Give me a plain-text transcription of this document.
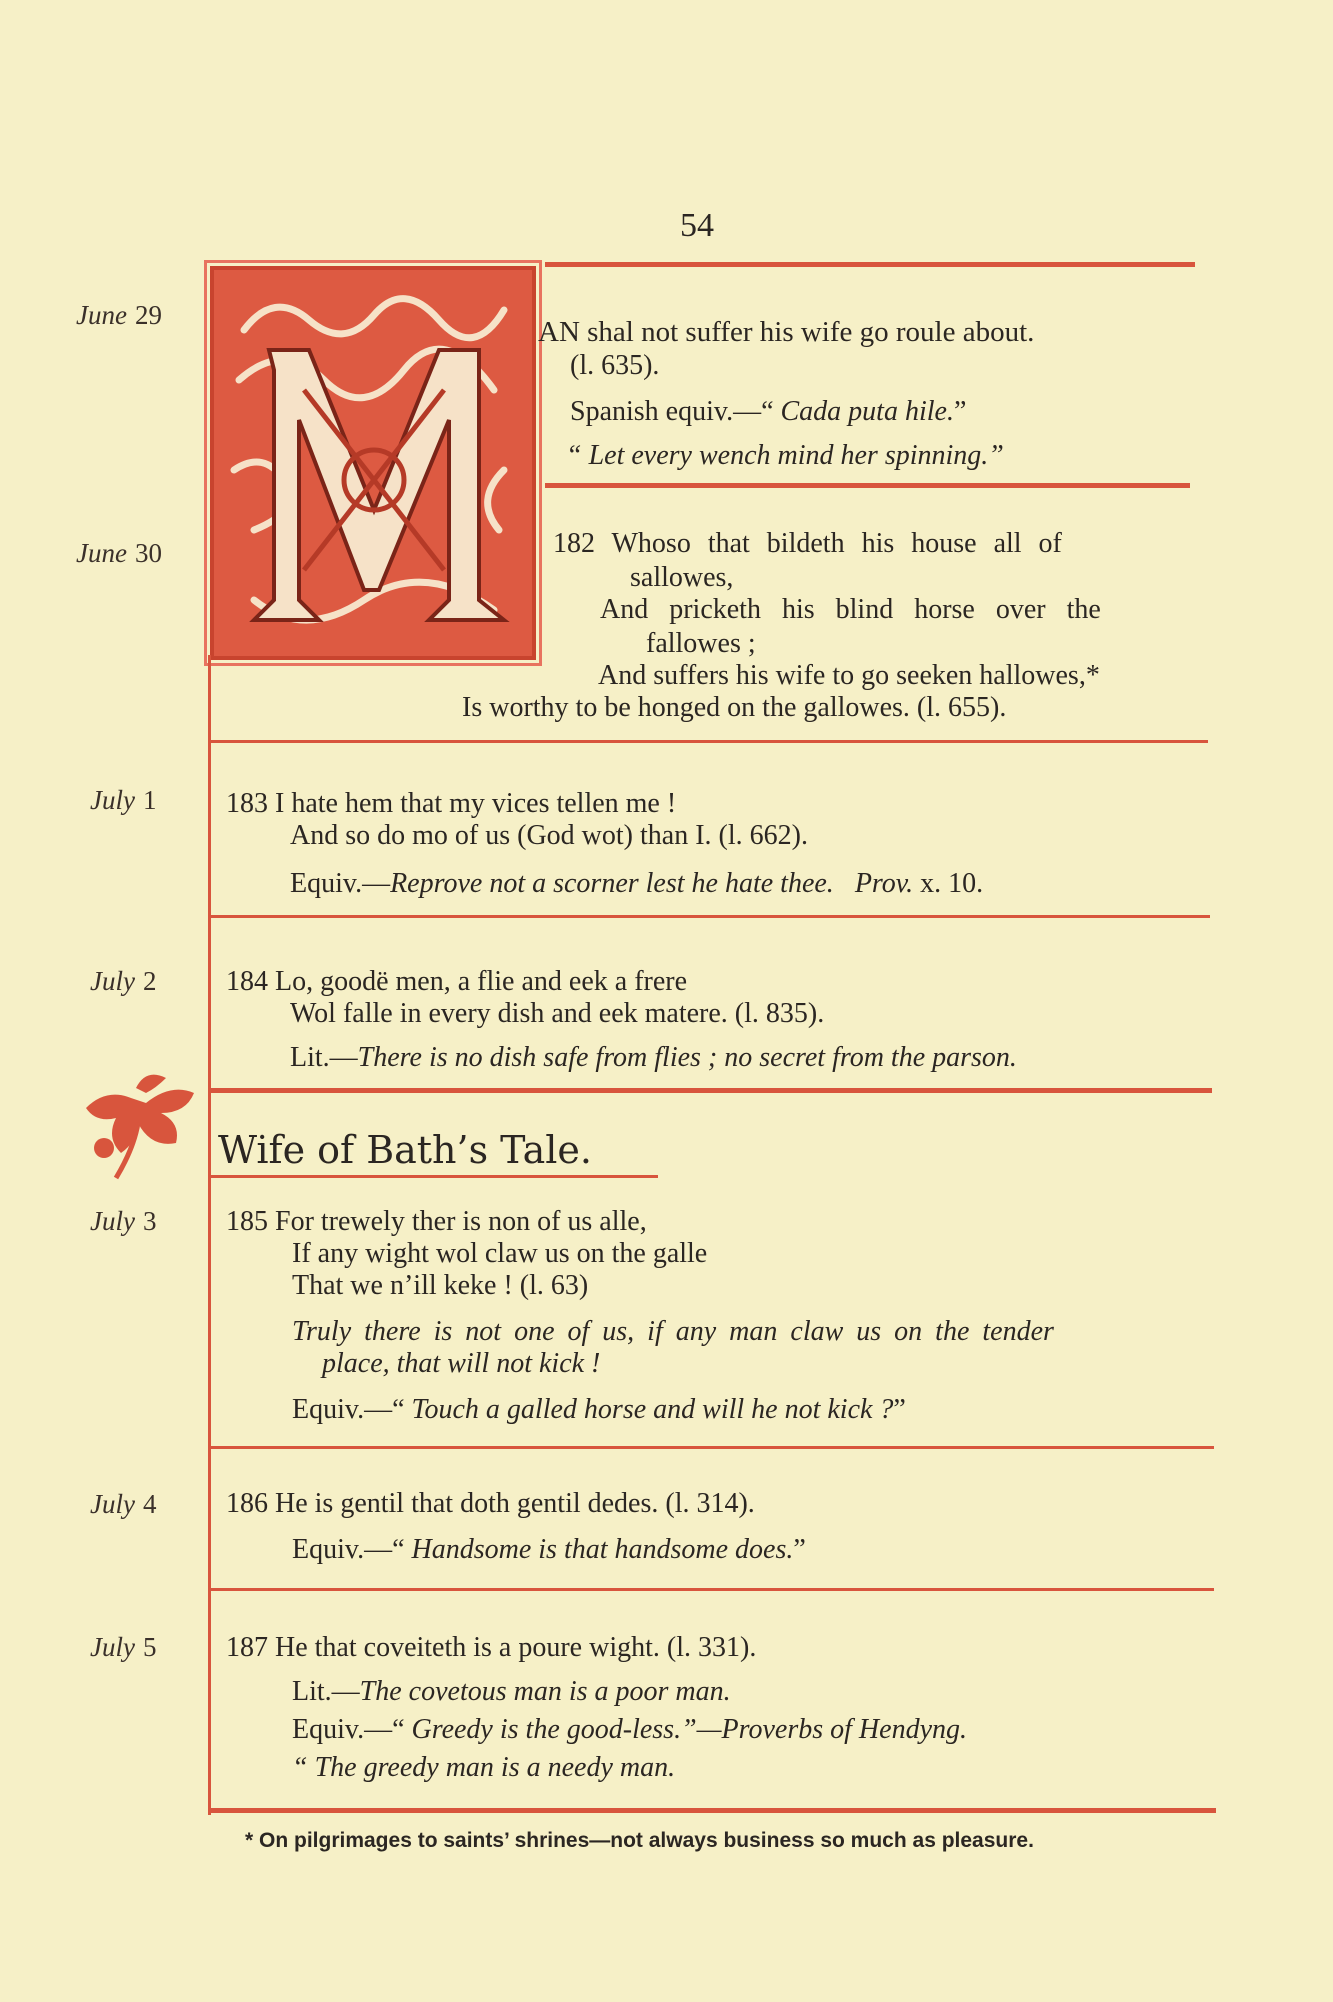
54
June 29
June 30
July 1
July 2
July 3
July 4
July 5
AN shal not suffer his wife go roule about.
(l. 635).
Spanish equiv.—“ Cada puta hile.”
“ Let every wench mind her spinning.”
182 Whoso that bildeth his house all of
sallowes,
And pricketh his blind horse over the
fallowes ;
And suffers his wife to go seeken hallowes,*
Is worthy to be honged on the gallowes. (l. 655).
183 I hate hem that my vices tellen me !
And so do mo of us (God wot) than I. (l. 662).
Equiv.—Reprove not a scorner lest he hate thee. Prov. x. 10.
184 Lo, goodë men, a flie and eek a frere
Wol falle in every dish and eek matere. (l. 835).
Lit.—There is no dish safe from flies ; no secret from the parson.
Wife of Bath’s Tale.
185 For trewely ther is non of us alle,
If any wight wol claw us on the galle
That we n’ill keke ! (l. 63)
Truly there is not one of us, if any man claw us on the tender
place, that will not kick !
Equiv.—“ Touch a galled horse and will he not kick ?”
186 He is gentil that doth gentil dedes. (l. 314).
Equiv.—“ Handsome is that handsome does.”
187 He that coveiteth is a poure wight. (l. 331).
Lit.—The covetous man is a poor man.
Equiv.—“ Greedy is the good-less.”—Proverbs of Hendyng.
“ The greedy man is a needy man.
* On pilgrimages to saints’ shrines—not always business so much as pleasure.
